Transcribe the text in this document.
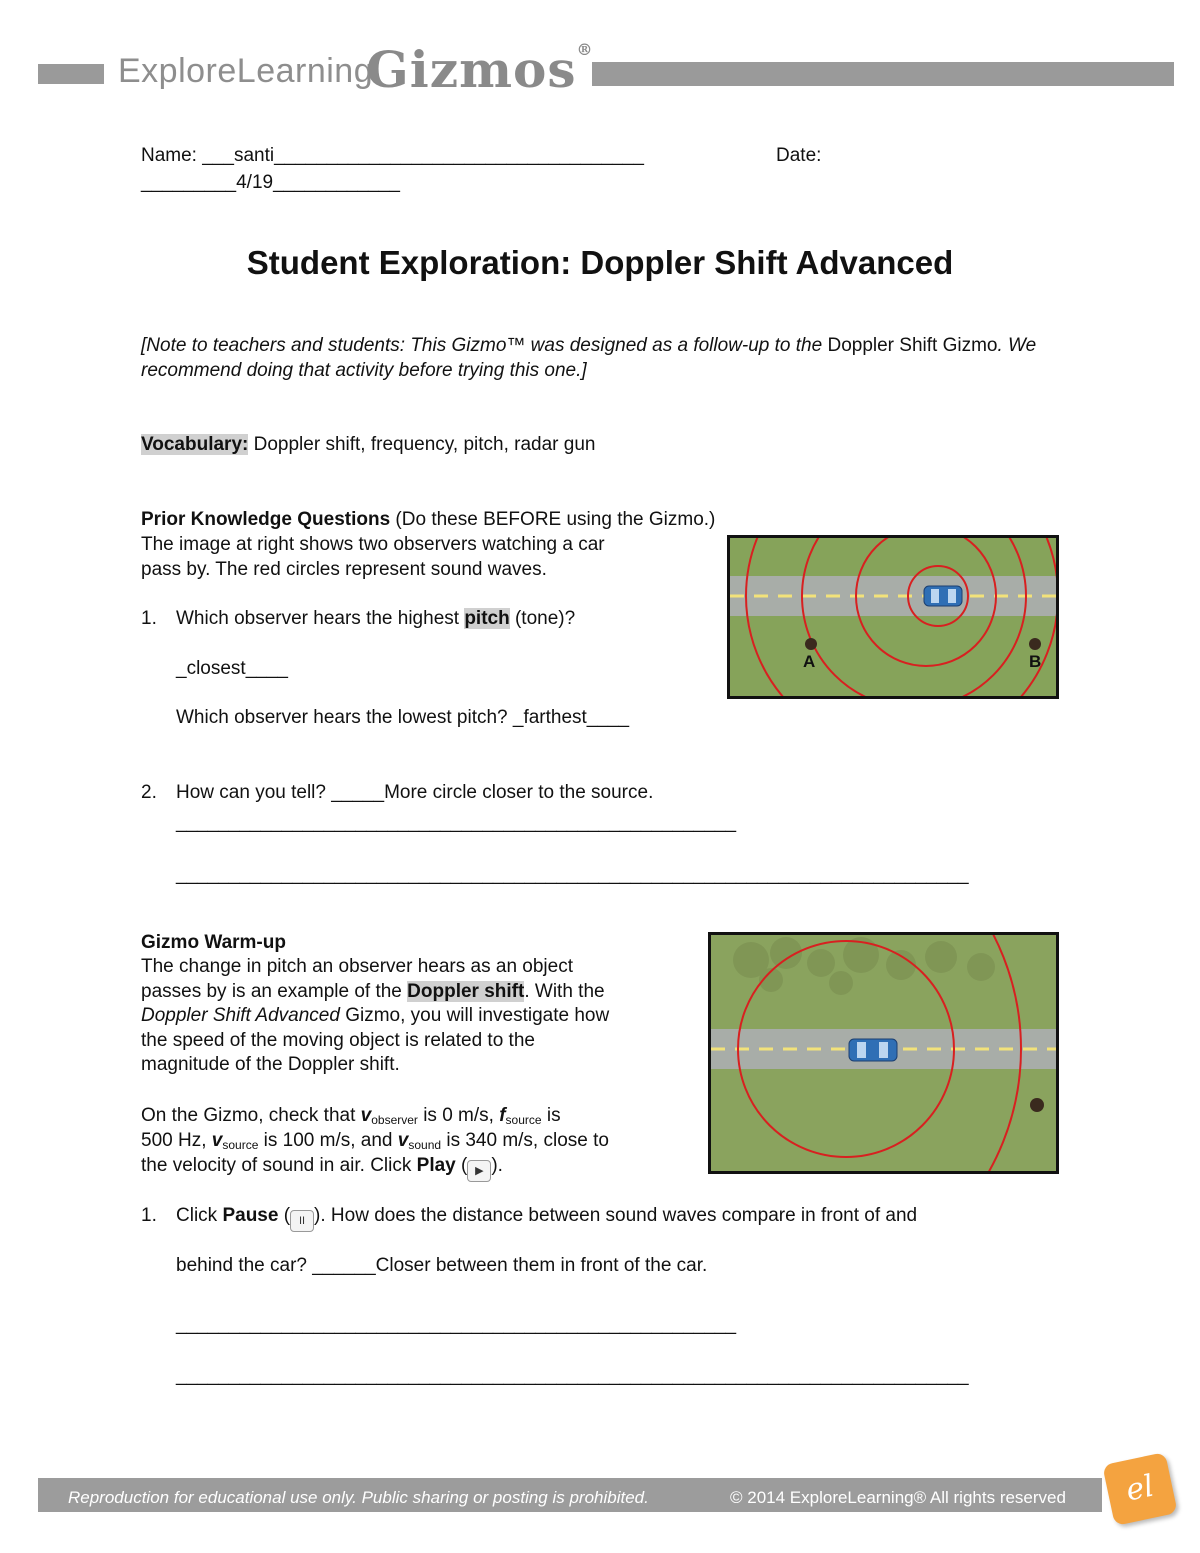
ExploreLearning
Gizmos®
Name: ___santi___________________________________	Date:
_________4/19____________
Student Exploration: Doppler Shift Advanced
[Note to teachers and students: This Gizmo™ was designed as a follow-up to the Doppler Shift Gizmo. We recommend doing that activity before trying this one.]
Vocabulary: Doppler shift, frequency, pitch, radar gun
Prior Knowledge Questions (Do these BEFORE using the Gizmo.)
The image at right shows two observers watching a car
pass by. The red circles represent sound waves.
1. Which observer hears the highest pitch (tone)?
_closest____
Which observer hears the lowest pitch? _farthest____
2. How can you tell? _____More circle closer to the source.
_____________________________________________________
___________________________________________________________________________
A	B
Gizmo Warm-up
The change in pitch an observer hears as an object
passes by is an example of the Doppler shift. With the
Doppler Shift Advanced Gizmo, you will investigate how
the speed of the moving object is related to the
magnitude of the Doppler shift.
On the Gizmo, check that $v_{observer}$ is 0 m/s, $f_{source}$ is
500 Hz, $v_{source}$ is 100 m/s, and $v_{sound}$ is 340 m/s, close to
the velocity of sound in air. Click Play ( ▶ ).
1. Click Pause ( II ). How does the distance between sound waves compare in front of and
behind the car? ______Closer between them in front of the car.
_____________________________________________________
___________________________________________________________________________
Reproduction for educational use only. Public sharing or posting is prohibited.	© 2014 ExploreLearning® All rights reserved	el
